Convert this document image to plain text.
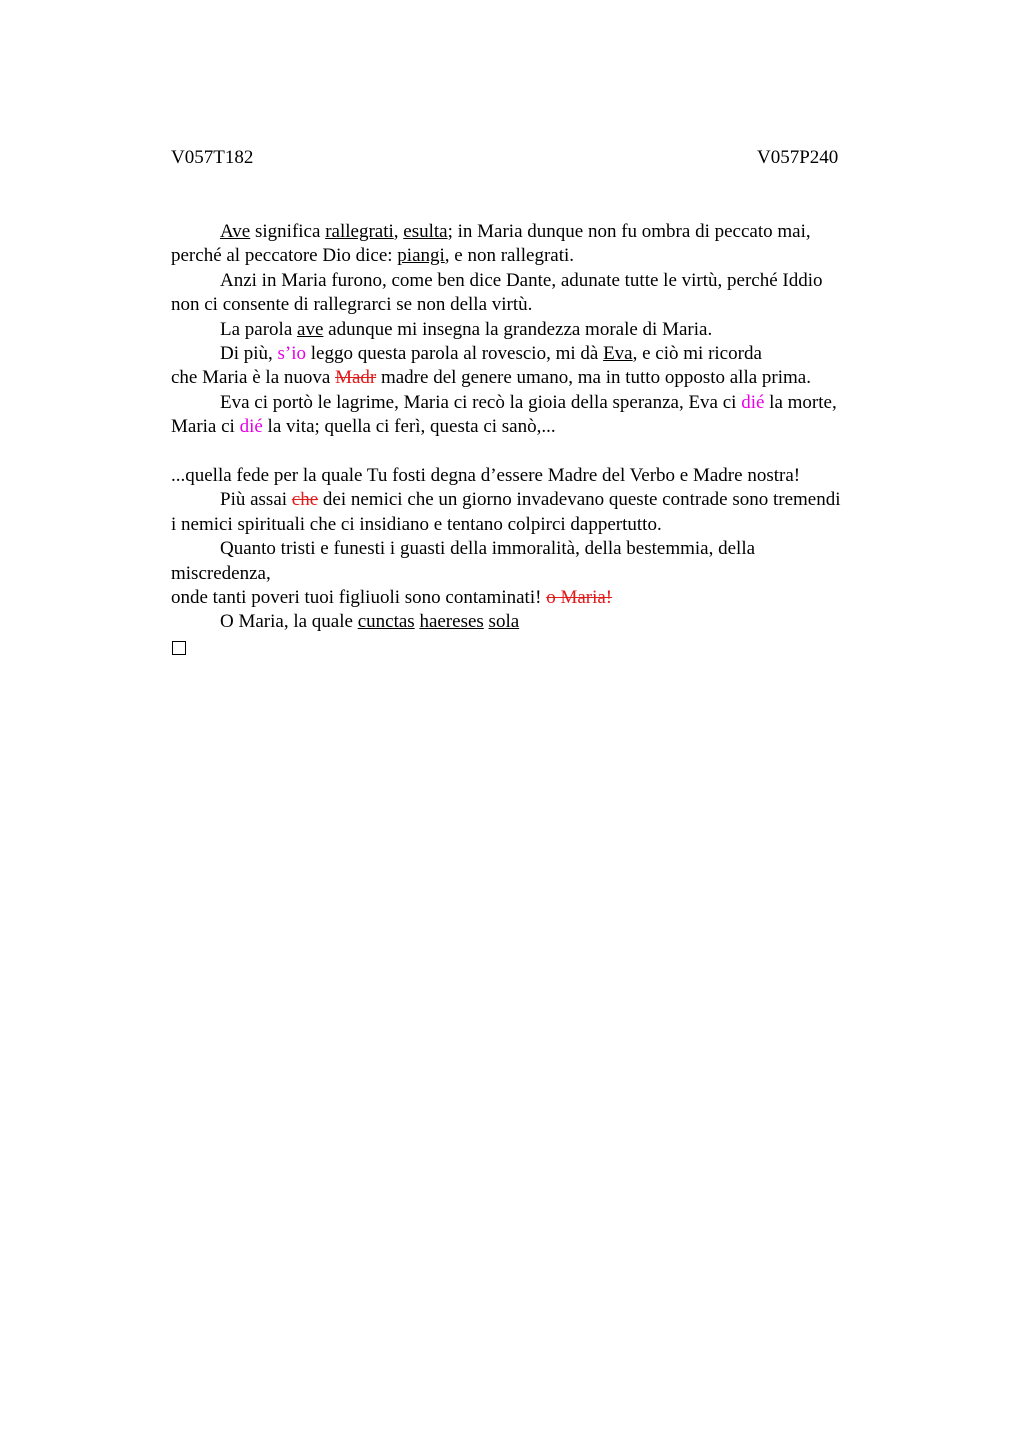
V057T182	V057P240
Ave significa rallegrati, esulta; in Maria dunque non fu ombra di peccato mai,
perché al peccatore Dio dice: piangi, e non rallegrati.
Anzi in Maria furono, come ben dice Dante, adunate tutte le virtù, perché Iddio
non ci consente di rallegrarci se non della virtù.
La parola ave adunque mi insegna la grandezza morale di Maria.
Di più, s’io leggo questa parola al rovescio, mi dà Eva, e ciò mi ricorda
che Maria è la nuova Madr madre del genere umano, ma in tutto opposto alla prima.
Eva ci portò le lagrime, Maria ci recò la gioia della speranza, Eva ci dié la morte,
Maria ci dié la vita; quella ci ferì, questa ci sanò,...
...quella fede per la quale Tu fosti degna d’essere Madre del Verbo e Madre nostra!
Più assai che dei nemici che un giorno invadevano queste contrade sono tremendi
i nemici spirituali che ci insidiano e tentano colpirci dappertutto.
Quanto tristi e funesti i guasti della immoralità, della bestemmia, della
miscredenza,
onde tanti poveri tuoi figliuoli sono contaminati! o Maria!
O Maria, la quale cunctas haereses sola
